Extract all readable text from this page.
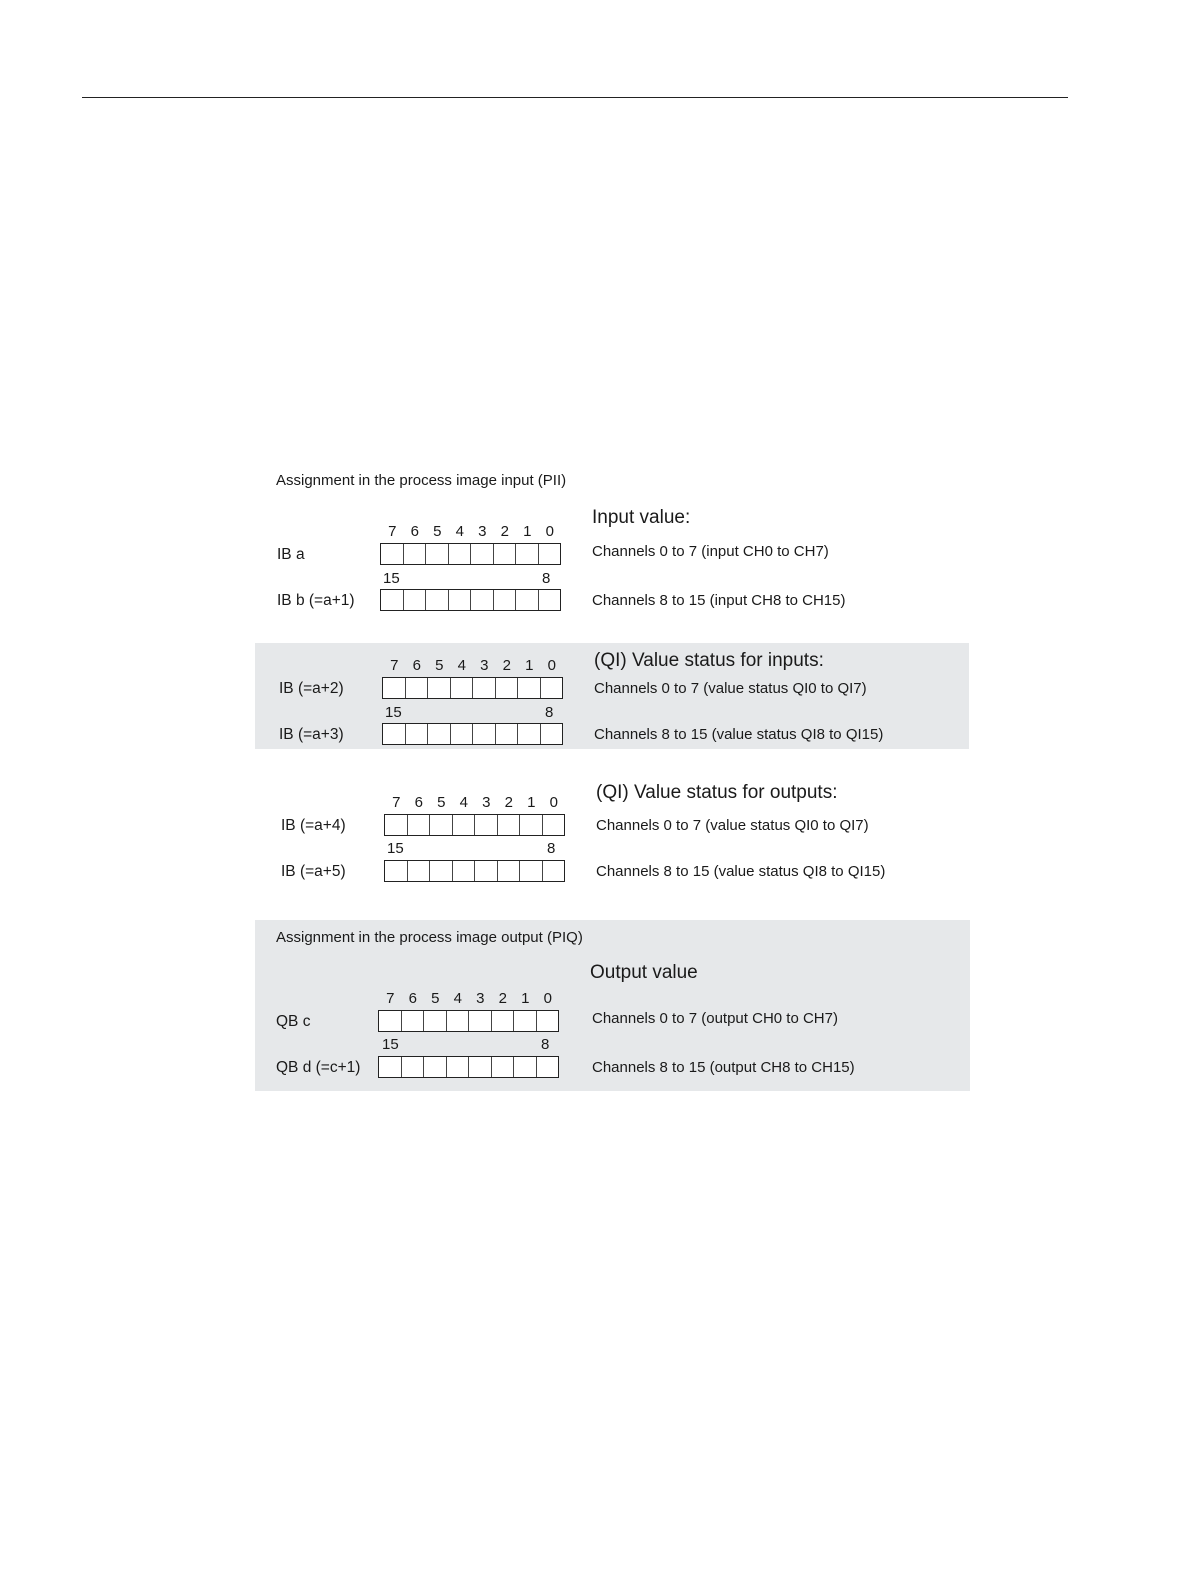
Assignment in the process image input (PII)
Assignment in the process image output (PIQ)
Input value:
7 6 5 4 3 2 1 0
IB a	Channels 0 to 7 (input CH0 to CH7)
15	8
IB b (=a+1)	Channels 8 to 15 (input CH8 to CH15)
(QI) Value status for inputs:
7 6 5 4 3 2 1 0
IB (=a+2)	Channels 0 to 7 (value status QI0 to QI7)
15	8
IB (=a+3)	Channels 8 to 15 (value status QI8 to QI15)
(QI) Value status for outputs:
7 6 5 4 3 2 1 0
IB (=a+4)	Channels 0 to 7 (value status QI0 to QI7)
15	8
IB (=a+5)	Channels 8 to 15 (value status QI8 to QI15)
Output value
7 6 5 4 3 2 1 0
QB c	Channels 0 to 7 (output CH0 to CH7)
15	8
QB d (=c+1)	Channels 8 to 15 (output CH8 to CH15)
